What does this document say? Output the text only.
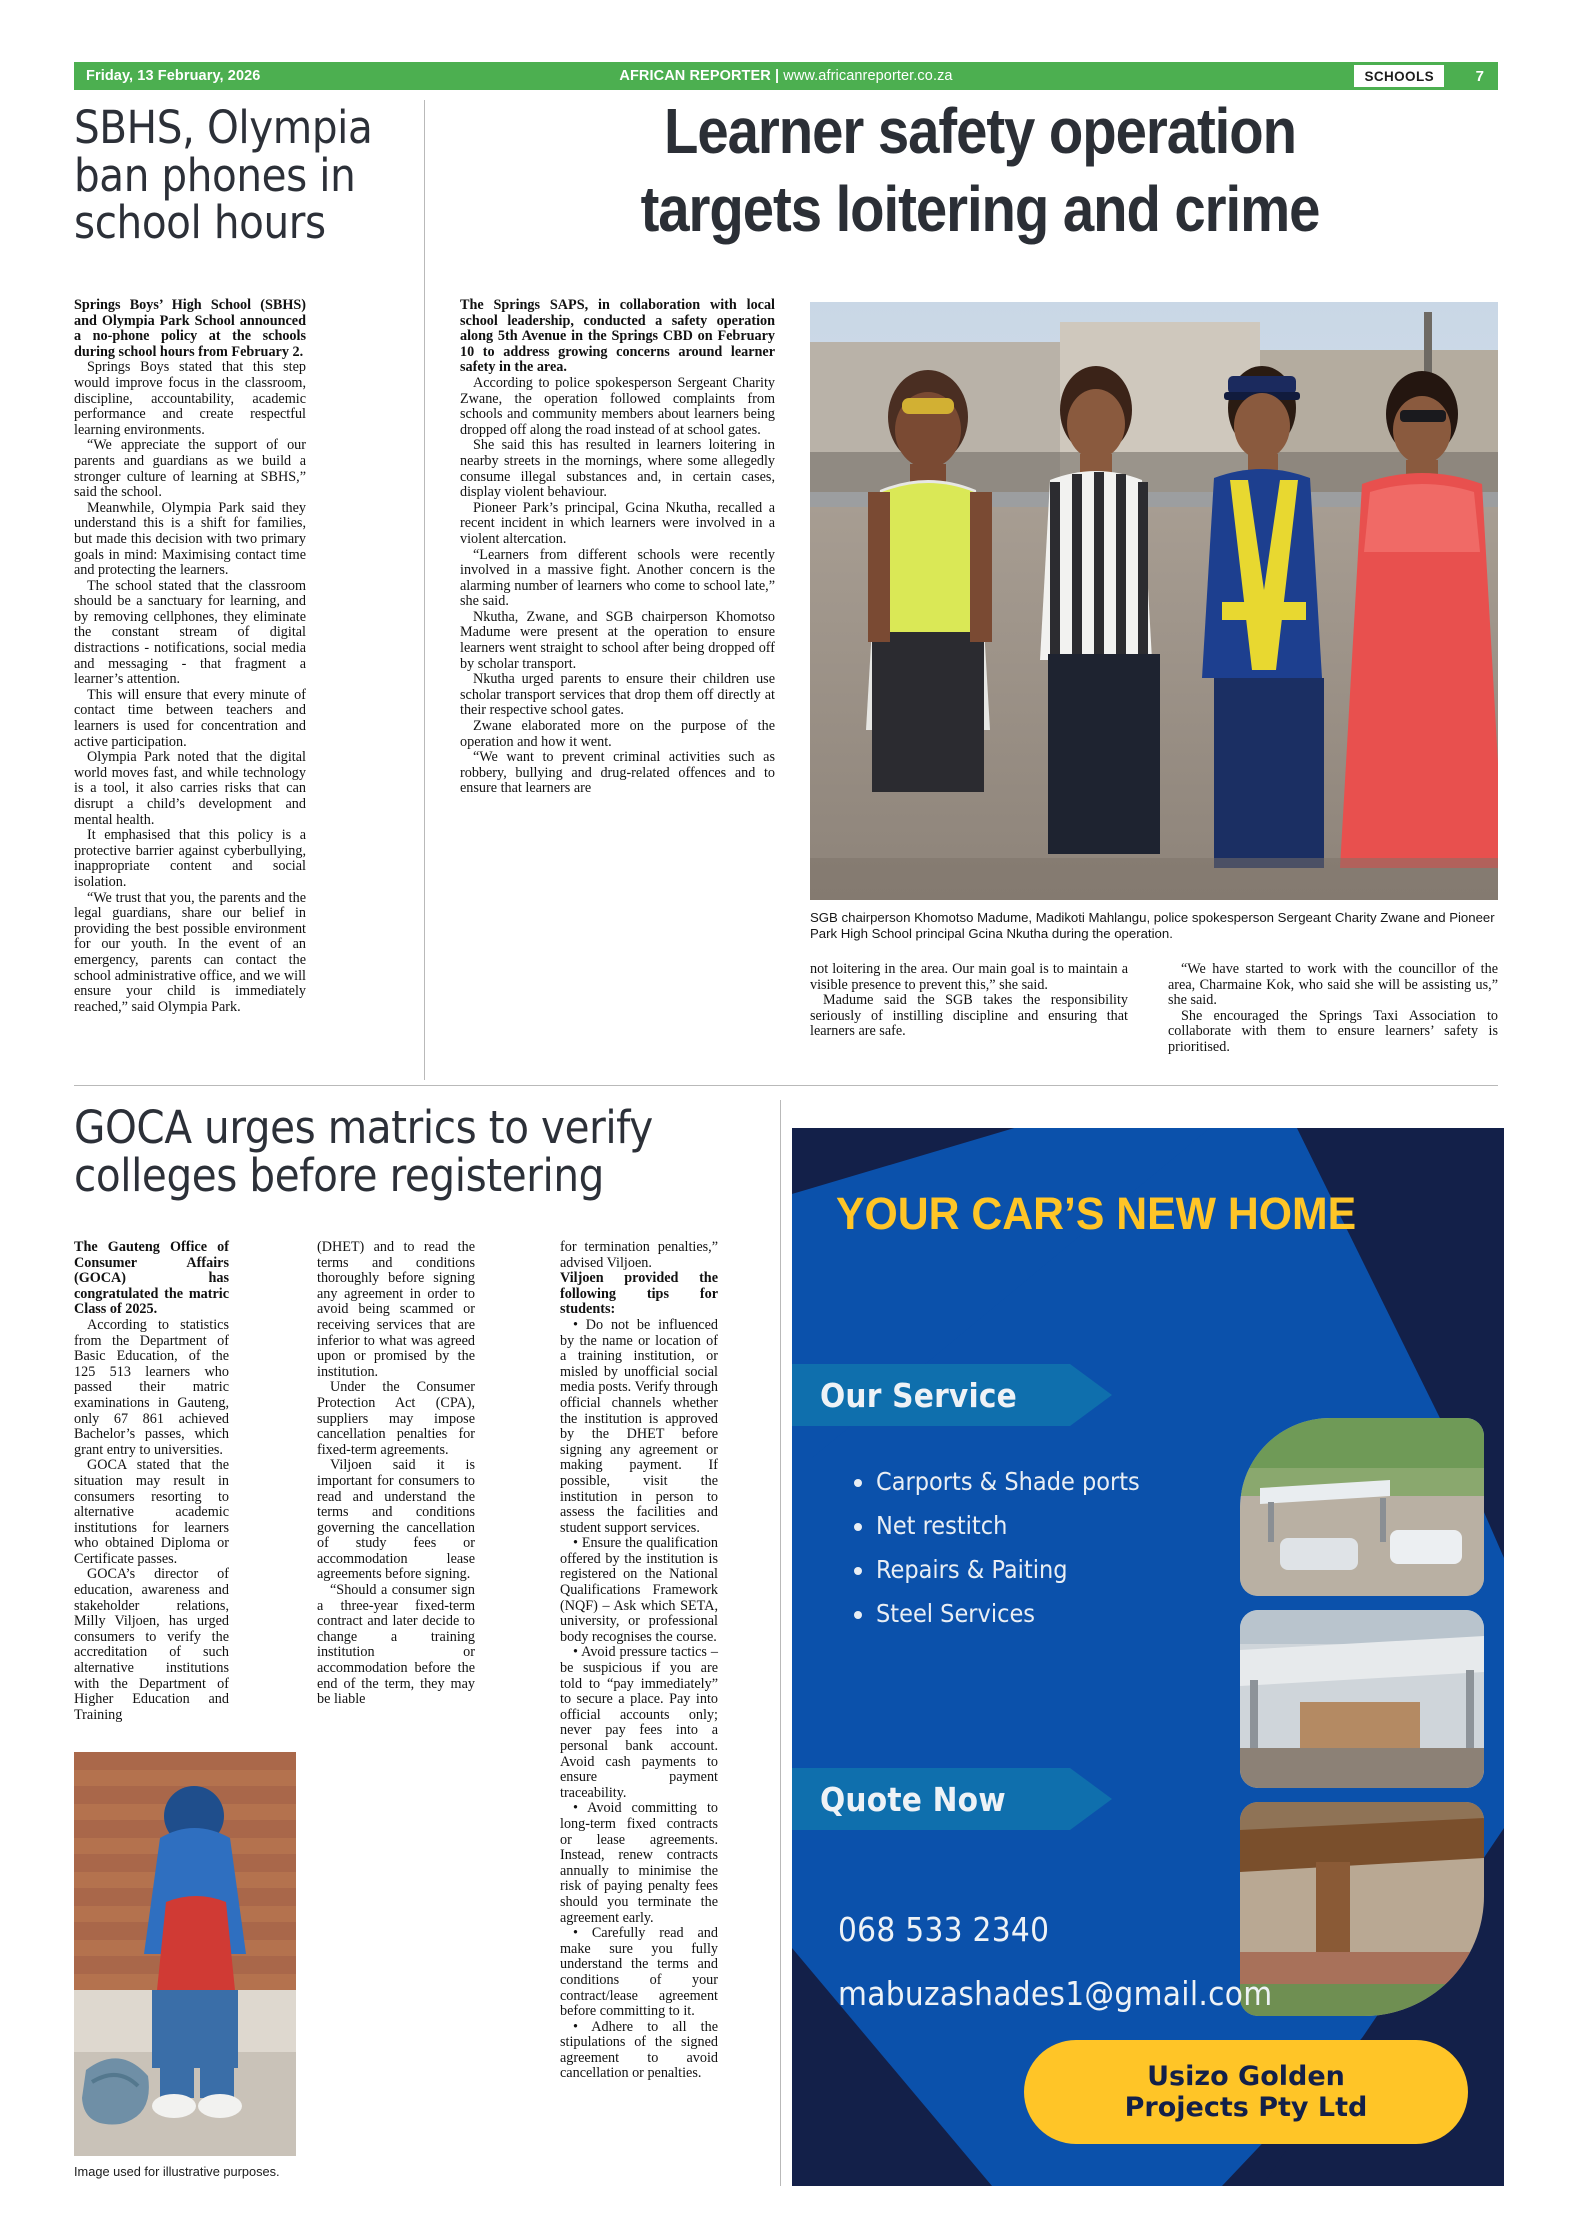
Friday, 13 February, 2026	AFRICAN REPORTER | www.africanreporter.co.za	SCHOOLS	7
SBHS, Olympia ban phones in school hours
Learner safety operation
targets loitering and crime

Springs Boys’ High School (SBHS) and Olympia Park School announced a no-phone policy at the schools during school hours from February 2.

Springs Boys stated that this step would improve focus in the classroom, discipline, accountability, academic performance and create respectful learning environments.

“We appreciate the support of our parents and guardians as we build a stronger culture of learning at SBHS,” said the school.

Meanwhile, Olympia Park said they understand this is a shift for families, but made this decision with two primary goals in mind: Maximising contact time and protecting the learners.

The school stated that the classroom should be a sanctuary for learning, and by removing cellphones, they eliminate the constant stream of digital distractions - notifications, social media and messaging - that fragment a learner’s attention.

This will ensure that every minute of contact time between teachers and learners is used for concentration and active participation.

Olympia Park noted that the digital world moves fast, and while technology is a tool, it also carries risks that can disrupt a child’s development and mental health.

It emphasised that this policy is a protective barrier against cyberbullying, inappropriate content and social isolation.

“We trust that you, the parents and the legal guardians, share our belief in providing the best possible environment for our youth. In the event of an emergency, parents can contact the school administrative office, and we will ensure your child is immediately reached,” said Olympia Park.

The Springs SAPS, in collaboration with local school leadership, conducted a safety operation along 5th Avenue in the Springs CBD on February 10 to address growing concerns around learner safety in the area.

According to police spokesperson Sergeant Charity Zwane, the operation followed complaints from schools and community members about learners being dropped off along the road instead of at school gates.

She said this has resulted in learners loitering in nearby streets in the mornings, where some allegedly consume illegal substances and, in certain cases, display violent behaviour.

Pioneer Park’s principal, Gcina Nkutha, recalled a recent incident in which learners were involved in a violent altercation.

“Learners from different schools were recently involved in a massive fight. Another concern is the alarming number of learners who come to school late,” she said.

Nkutha, Zwane, and SGB chairperson Khomotso Madume were present at the operation to ensure learners went straight to school after being dropped off by scholar transport.

Nkutha urged parents to ensure their children use scholar transport services that drop them off directly at their respective school gates.

Zwane elaborated more on the purpose of the operation and how it went.

“We want to prevent criminal activities such as robbery, bullying and drug-related offences and to ensure that learners are

SGB chairperson Khomotso Madume, Madikoti Mahlangu, police spokesperson Sergeant Charity Zwane and Pioneer Park High School principal Gcina Nkutha during the operation.

not loitering in the area. Our main goal is to maintain a visible presence to prevent this,” she said.

Madume said the SGB takes the responsibility seriously of instilling discipline and ensuring that learners are safe.

“We have started to work with the councillor of the area, Charmaine Kok, who said she will be assisting us,” she said.

She encouraged the Springs Taxi Association to collaborate with them to ensure learners’ safety is prioritised.

GOCA urges matrics to verify colleges before registering

The Gauteng Office of Consumer Affairs (GOCA) has congratulated the matric Class of 2025.

According to statistics from the Department of Basic Education, of the 125 513 learners who passed their matric examinations in Gauteng, only 67 861 achieved Bachelor’s passes, which grant entry to universities.

GOCA stated that the situation may result in consumers resorting to alternative academic institutions for learners who obtained Diploma or Certificate passes.

GOCA’s director of education, awareness and stakeholder relations, Milly Viljoen, has urged consumers to verify the accreditation of such alternative institutions with the Department of Higher Education and Training

(DHET) and to read the terms and conditions thoroughly before signing any agreement in order to avoid being scammed or receiving services that are inferior to what was agreed upon or promised by the institution.

Under the Consumer Protection Act (CPA), suppliers may impose cancellation penalties for fixed-term agreements.

Viljoen said it is important for consumers to read and understand the terms and conditions governing the cancellation of study fees or accommodation lease agreements before signing.

“Should a consumer sign a three-year fixed-term contract and later decide to change a training institution or accommodation before the end of the term, they may be liable

for termination penalties,” advised Viljoen.

Viljoen provided the following tips for students:

• Do not be influenced by the name or location of a training institution, or misled by unofficial social media posts. Verify through official channels whether the institution is approved by the DHET before signing any agreement or making payment. If possible, visit the institution in person to assess the facilities and student support services.

• Ensure the qualification offered by the institution is registered on the National Qualifications Framework (NQF) – Ask which SETA, university, or professional body recognises the course.

• Avoid pressure tactics – be suspicious if you are told to “pay immediately” to secure a place. Pay into official accounts only; never pay fees into a personal bank account. Avoid cash payments to ensure payment traceability.

• Avoid committing to long-term fixed contracts or lease agreements. Instead, renew contracts annually to minimise the risk of paying penalty fees should you terminate the agreement early.

• Carefully read and make sure you fully understand the terms and conditions of your contract/lease agreement before committing to it.

• Adhere to all the stipulations of the signed agreement to avoid cancellation or penalties.

Image used for illustrative purposes.
YOUR CAR’S NEW HOME
Our Service
• Carports & Shade ports
• Net restitch
• Repairs & Paiting
• Steel Services
Quote Now
068 533 2340
mabuzashades1@gmail.com
Usizo Golden
Projects Pty Ltd
